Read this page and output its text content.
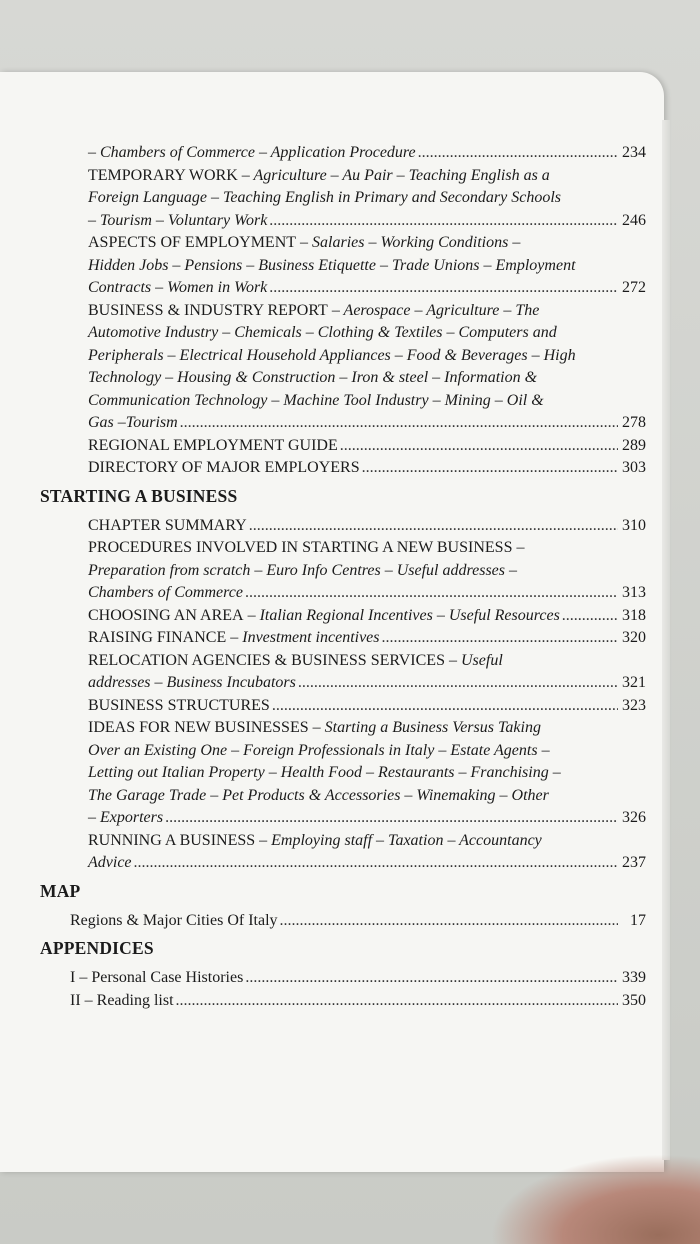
– Chambers of Commerce – Application Procedure .....	234
TEMPORARY WORK – Agriculture – Au Pair – Teaching English as a
Foreign Language – Teaching English in Primary and Secondary Schools
– Tourism – Voluntary Work .....	246
ASPECTS OF EMPLOYMENT – Salaries – Working Conditions –
Hidden Jobs – Pensions – Business Etiquette – Trade Unions – Employment
Contracts – Women in Work .....	272
BUSINESS & INDUSTRY REPORT – Aerospace – Agriculture – The
Automotive Industry – Chemicals – Clothing & Textiles – Computers and
Peripherals – Electrical Household Appliances – Food & Beverages – High
Technology – Housing & Construction – Iron & steel – Information &
Communication Technology – Machine Tool Industry – Mining – Oil &
Gas –Tourism .....	278
REGIONAL EMPLOYMENT GUIDE .....	289
DIRECTORY OF MAJOR EMPLOYERS .....	303
STARTING A BUSINESS
CHAPTER SUMMARY .....	310
PROCEDURES INVOLVED IN STARTING A NEW BUSINESS –
Preparation from scratch – Euro Info Centres – Useful addresses –
Chambers of Commerce .....	313
CHOOSING AN AREA – Italian Regional Incentives – Useful Resources .....	318
RAISING FINANCE – Investment incentives .....	320
RELOCATION AGENCIES & BUSINESS SERVICES – Useful
addresses – Business Incubators .....	321
BUSINESS STRUCTURES .....	323
IDEAS FOR NEW BUSINESSES – Starting a Business Versus Taking
Over an Existing One – Foreign Professionals in Italy – Estate Agents –
Letting out Italian Property – Health Food – Restaurants – Franchising –
The Garage Trade – Pet Products & Accessories – Winemaking – Other
– Exporters .....	326
RUNNING A BUSINESS – Employing staff – Taxation – Accountancy
Advice .....	237
MAP
Regions & Major Cities Of Italy .....	17
APPENDICES
I – Personal Case Histories .....	339
II – Reading list .....	350
